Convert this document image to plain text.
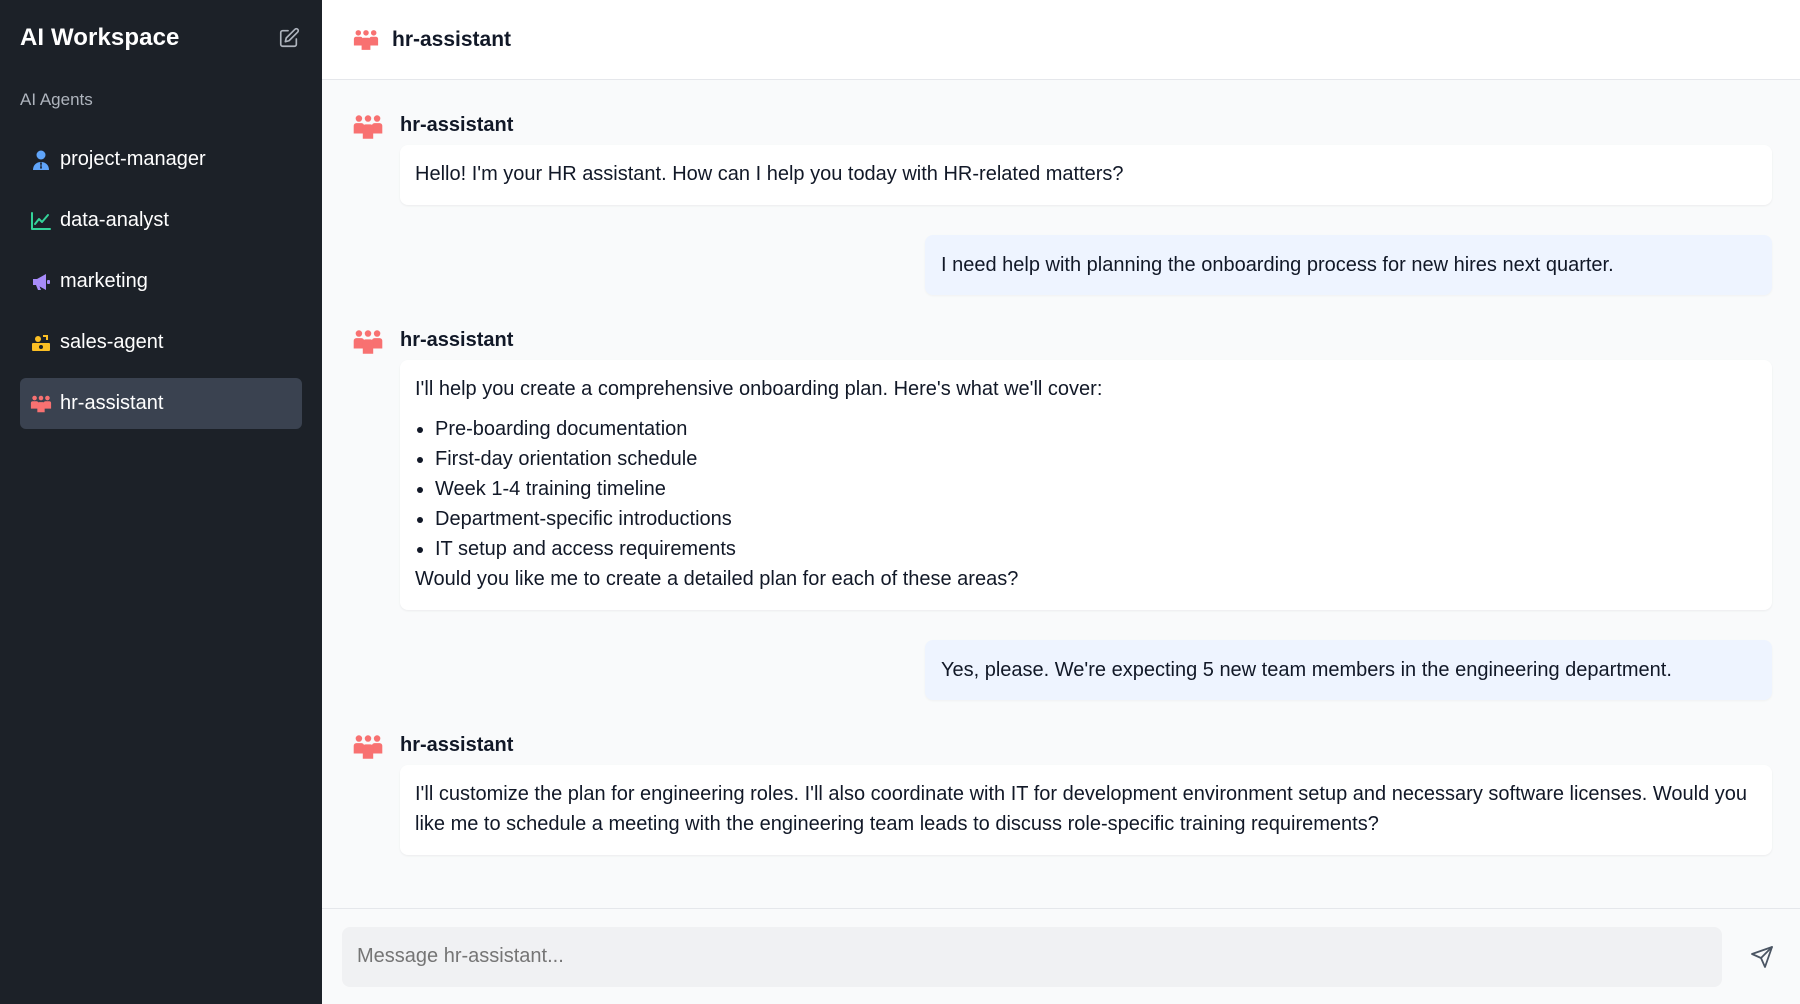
AI Workspace
AI Agents
project-manager
data-analyst
marketing
sales-agent
hr-assistant
hr-assistant
hr-assistant
Hello! I'm your HR assistant. How can I help you today with HR-related matters?
I need help with planning the onboarding process for new hires next quarter.
hr-assistant
I'll help you create a comprehensive onboarding plan. Here's what we'll cover:
• Pre-boarding documentation
• First-day orientation schedule
• Week 1-4 training timeline
• Department-specific introductions
• IT setup and access requirements
Would you like me to create a detailed plan for each of these areas?
Yes, please. We're expecting 5 new team members in the engineering department.
hr-assistant
I'll customize the plan for engineering roles. I'll also coordinate with IT for development environment setup and necessary software licenses. Would you like me to schedule a meeting with the engineering team leads to discuss role-specific training requirements?
Message hr-assistant...
